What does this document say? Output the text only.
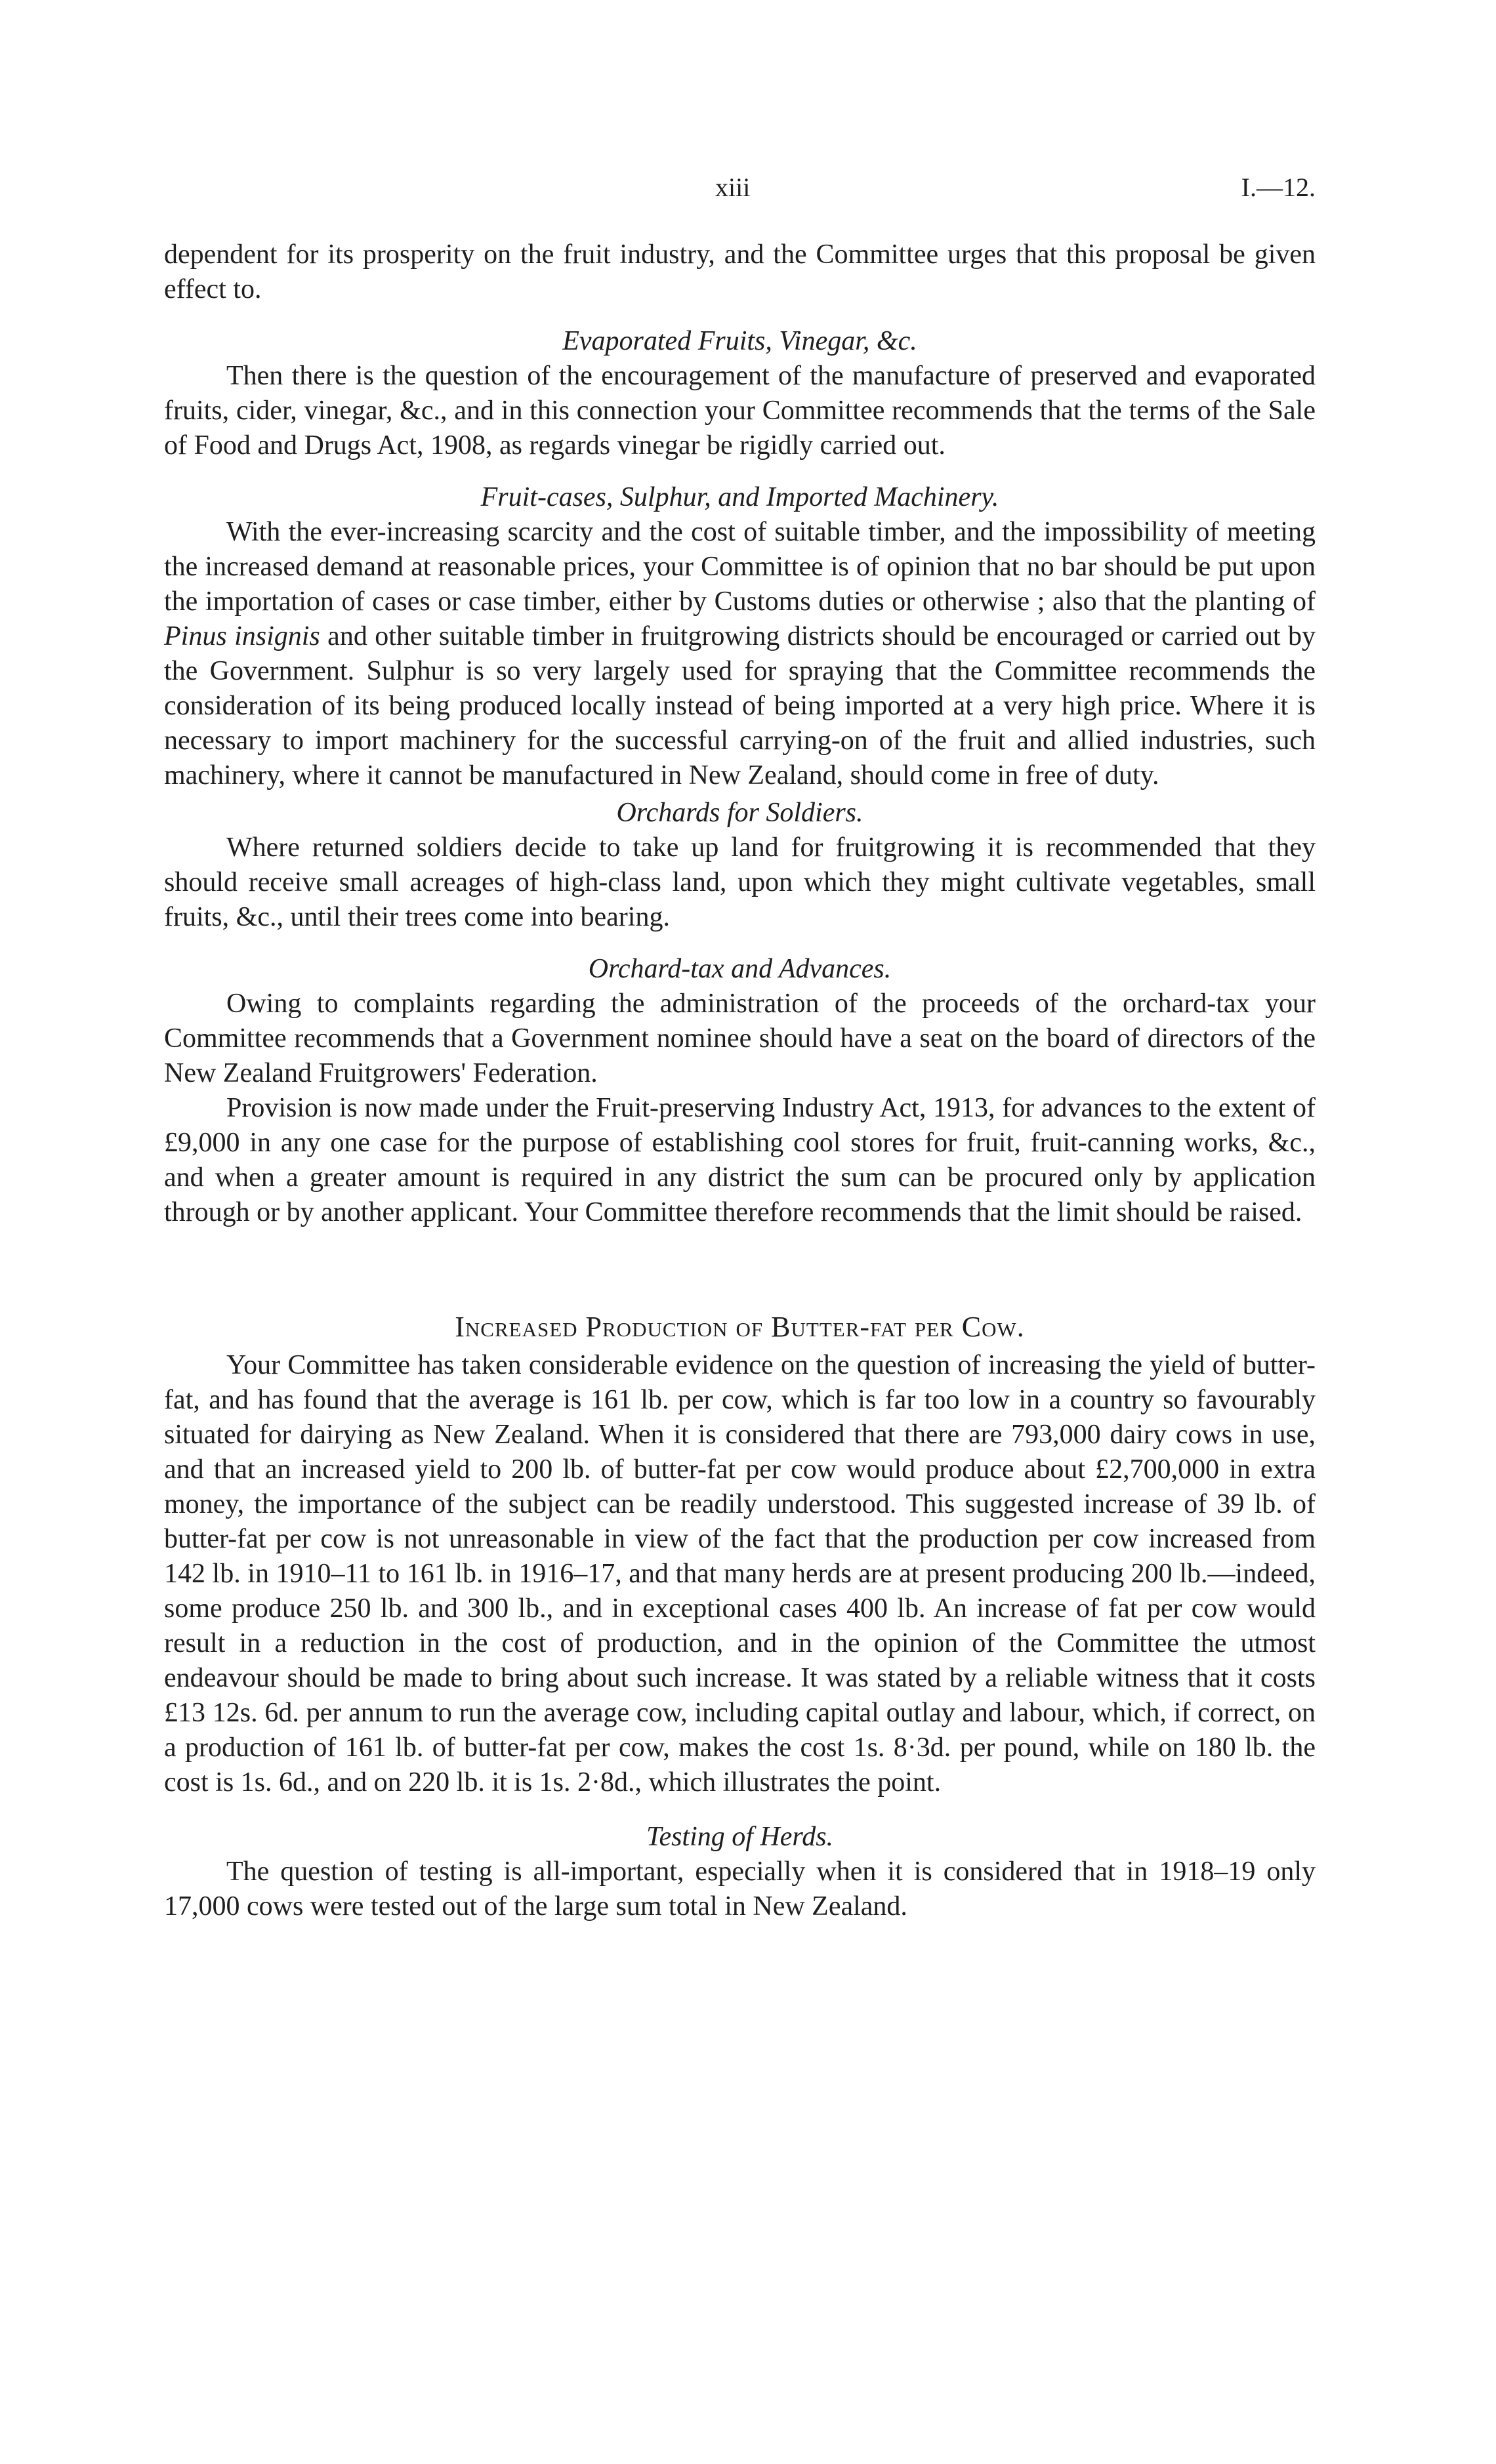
xiii	I.—12.

dependent for its prosperity on the fruit industry, and the Committee urges that this proposal be given effect to.

Evaporated Fruits, Vinegar, &c.

Then there is the question of the encouragement of the manufacture of preserved and evaporated fruits, cider, vinegar, &c., and in this connection your Committee recommends that the terms of the Sale of Food and Drugs Act, 1908, as regards vinegar be rigidly carried out.

Fruit-cases, Sulphur, and Imported Machinery.

With the ever-increasing scarcity and the cost of suitable timber, and the impossibility of meeting the increased demand at reasonable prices, your Committee is of opinion that no bar should be put upon the importation of cases or case timber, either by Customs duties or otherwise ; also that the planting of Pinus insignis and other suitable timber in fruitgrowing districts should be encouraged or carried out by the Government. Sulphur is so very largely used for spraying that the Committee recommends the consideration of its being produced locally instead of being imported at a very high price. Where it is necessary to import machinery for the successful carrying-on of the fruit and allied industries, such machinery, where it cannot be manufactured in New Zealand, should come in free of duty.

Orchards for Soldiers.

Where returned soldiers decide to take up land for fruitgrowing it is recommended that they should receive small acreages of high-class land, upon which they might cultivate vegetables, small fruits, &c., until their trees come into bearing.

Orchard-tax and Advances.

Owing to complaints regarding the administration of the proceeds of the orchard-tax your Committee recommends that a Government nominee should have a seat on the board of directors of the New Zealand Fruitgrowers' Federation.

Provision is now made under the Fruit-preserving Industry Act, 1913, for advances to the extent of £9,000 in any one case for the purpose of establishing cool stores for fruit, fruit-canning works, &c., and when a greater amount is required in any district the sum can be procured only by application through or by another applicant. Your Committee therefore recommends that the limit should be raised.

Increased Production of Butter-fat per Cow.

Your Committee has taken considerable evidence on the question of increasing the yield of butter-fat, and has found that the average is 161 lb. per cow, which is far too low in a country so favourably situated for dairying as New Zealand. When it is considered that there are 793,000 dairy cows in use, and that an increased yield to 200 lb. of butter-fat per cow would produce about £2,700,000 in extra money, the importance of the subject can be readily understood. This suggested increase of 39 lb. of butter-fat per cow is not unreasonable in view of the fact that the production per cow increased from 142 lb. in 1910–11 to 161 lb. in 1916–17, and that many herds are at present producing 200 lb.—indeed, some produce 250 lb. and 300 lb., and in exceptional cases 400 lb. An increase of fat per cow would result in a reduction in the cost of production, and in the opinion of the Committee the utmost endeavour should be made to bring about such increase. It was stated by a reliable witness that it costs £13 12s. 6d. per annum to run the average cow, including capital outlay and labour, which, if correct, on a production of 161 lb. of butter-fat per cow, makes the cost 1s. 8·3d. per pound, while on 180 lb. the cost is 1s. 6d., and on 220 lb. it is 1s. 2·8d., which illustrates the point.

Testing of Herds.

The question of testing is all-important, especially when it is considered that in 1918–19 only 17,000 cows were tested out of the large sum total in New Zealand.
